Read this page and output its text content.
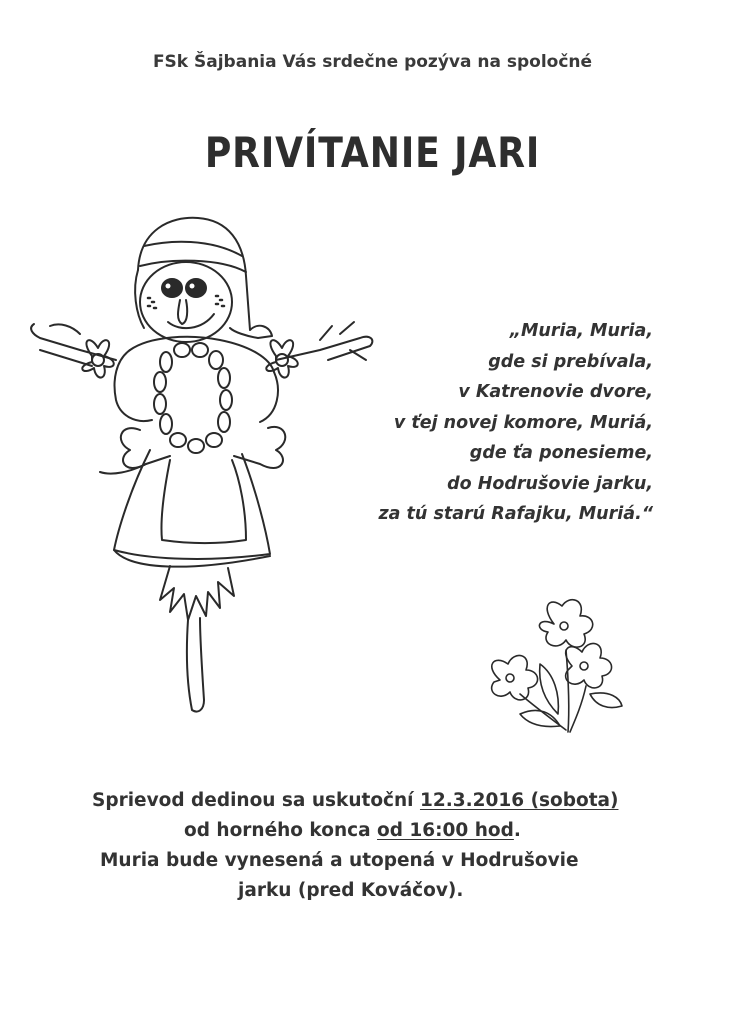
FSk Šajbania Vás srdečne pozýva na spoločné
PRIVÍTANIE JARI
„Muria, Muria,
gde si prebívala,
v Katrenovie dvore,
v ťej novej komore, Muriá,
gde ťa ponesieme,
do Hodrušovie jarku,
za tú starú Rafajku, Muriá.“
Sprievod dedinou sa uskutoční 12.3.2016 (sobota)
od horného konca od 16:00 hod.
Muria bude vynesená a utopená v Hodrušovie
jarku (pred Kováčov).
